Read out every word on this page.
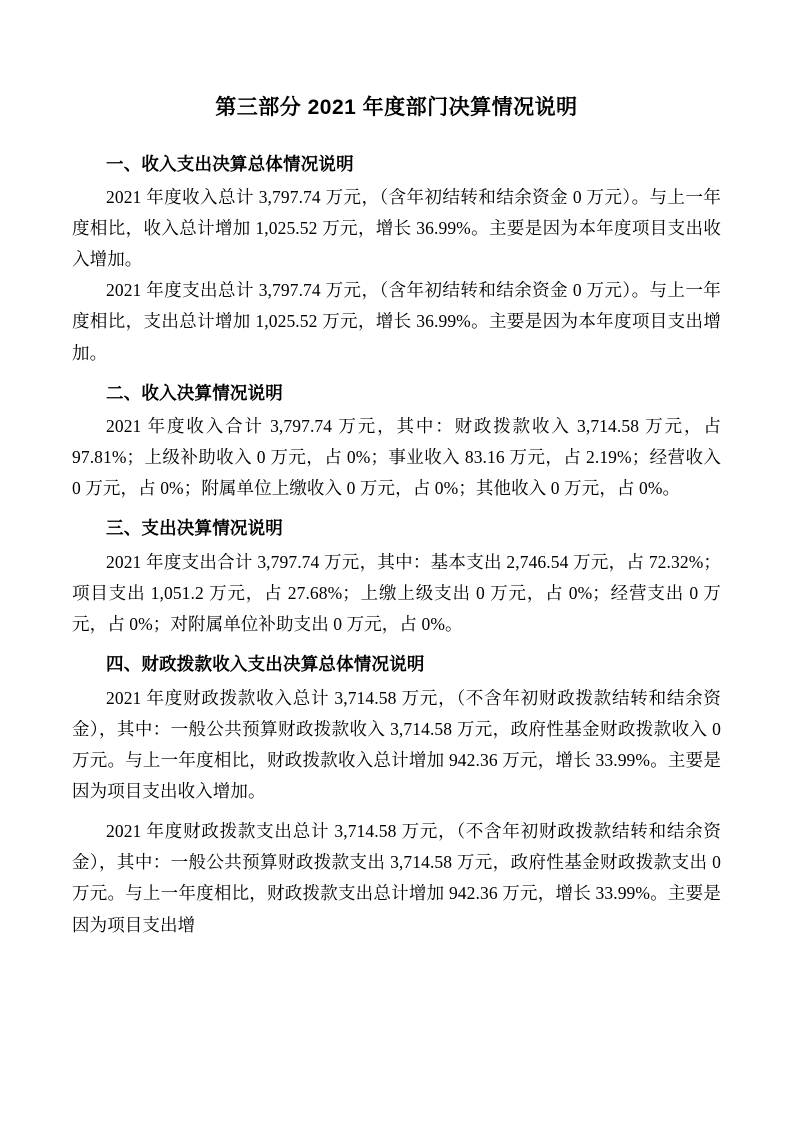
第三部分 2021 年度部门决算情况说明
一、收入支出决算总体情况说明

2021 年度收入总计 3,797.74 万元，（含年初结转和结余资金 0 万元）。与上一年度相比，收入总计增加 1,025.52 万元，增长 36.99%。主要是因为本年度项目支出收入增加。

2021 年度支出总计 3,797.74 万元，（含年初结转和结余资金 0 万元）。与上一年度相比，支出总计增加 1,025.52 万元，增长 36.99%。主要是因为本年度项目支出增加。

二、收入决算情况说明

2021 年度收入合计 3,797.74 万元，其中：财政拨款收入 3,714.58 万元，占 97.81%；上级补助收入 0 万元，占 0%；事业收入 83.16 万元，占 2.19%；经营收入 0 万元，占 0%；附属单位上缴收入 0 万元，占 0%；其他收入 0 万元，占 0%。

三、支出决算情况说明

2021 年度支出合计 3,797.74 万元，其中：基本支出 2,746.54 万元，占 72.32%；项目支出 1,051.2 万元，占 27.68%；上缴上级支出 0 万元，占 0%；经营支出 0 万元，占 0%；对附属单位补助支出 0 万元，占 0%。

四、财政拨款收入支出决算总体情况说明

2021 年度财政拨款收入总计 3,714.58 万元，（不含年初财政拨款结转和结余资金），其中：一般公共预算财政拨款收入 3,714.58 万元，政府性基金财政拨款收入 0 万元。与上一年度相比，财政拨款收入总计增加 942.36 万元，增长 33.99%。主要是因为项目支出收入增加。

2021 年度财政拨款支出总计 3,714.58 万元，（不含年初财政拨款结转和结余资金），其中：一般公共预算财政拨款支出 3,714.58 万元，政府性基金财政拨款支出 0 万元。与上一年度相比，财政拨款支出总计增加 942.36 万元，增长 33.99%。主要是因为项目支出增
